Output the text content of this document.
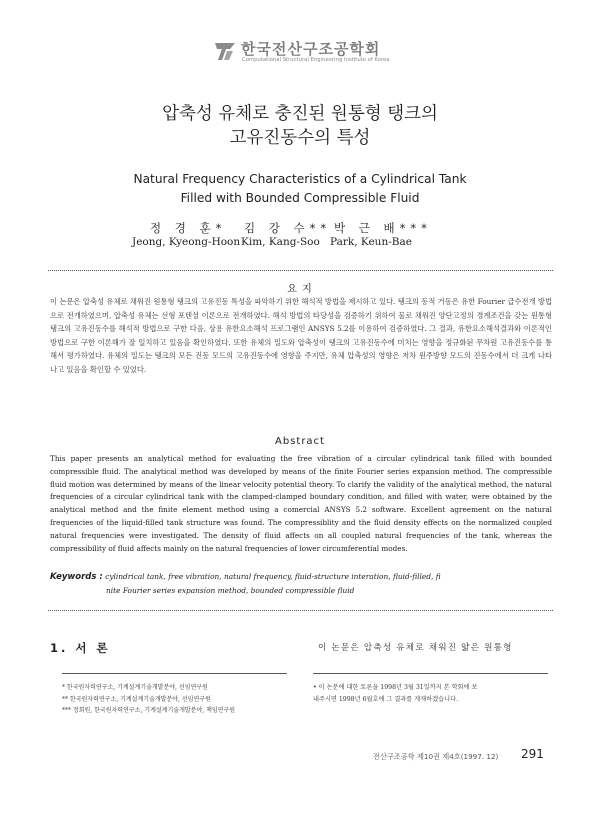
한국전산구조공학회
Computational Structural Engineering Institute of Korea
압축성 유체로 충진된 원통형 탱크의
고유진동수의 특성
Natural Frequency Characteristics of a Cylindrical Tank
Filled with Bounded Compressible Fluid
정 경 훈* 김 강 수** 박 근 배***
Jeong, Kyeong-Hoon Kim, Kang-Soo Park, Keun-Bae
요 지
이 논문은 압축성 유체로 채워진 원통형 탱크의 고유진동 특성을 파악하기 위한 해석적 방법을 제시하고 있다. 탱크의 동적 거동은 유한 Fourier 급수전개 방법으로 전개하였으며, 압축성 유체는 선형 포텐셜 이론으로 전개하였다. 해석 방법의 타당성을 검증하기 위하여 물로 채워진 양단고정의 경계조건을 갖는 원통형 탱크의 고유진동수를 해석적 방법으로 구한 다음, 상용 유한요소해석 프로그램인 ANSYS 5.2를 이용하여 검증하였다. 그 결과, 유한요소해석결과와 이론적인 방법으로 구한 이론해가 잘 일치하고 있음을 확인하였다. 또한 유체의 밀도와 압축성이 탱크의 고유진동수에 미치는 영향을 정규화된 무차원 고유진동수를 통해서 평가하였다. 유체의 밀도는 탱크의 모든 진동 모드의 고유진동수에 영향을 주지만, 유체 압축성의 영향은 저차 원주방향 모드의 진동수에서 더 크게 나타나고 있음을 확인할 수 있었다.
Abstract
This paper presents an analytical method for evaluating the free vibration of a circular cylindrical tank filled with bounded compressible fluid. The analytical method was developed by means of the finite Fourier series expansion method. The compressible fluid motion was determined by means of the linear velocity potential theory. To clarify the validity of the analytical method, the natural frequencies of a circular cylindrical tank with the clamped-clamped boundary condition, and filled with water, were obtained by the analytical method and the finite element method using a comercial ANSYS 5.2 software. Excellent agreement on the natural frequencies of the liquid-filled tank structure was found. The compressiblity and the fluid density effects on the normalized coupled natural frequencies were investigated. The density of fluid affects on all coupled natural frequencies of the tank, whereas the compressibility of fluid affects mainly on the natural frequencies of lower circumferential modes.
Keywords : cylindrical tank, free vibration, natural frequency, fluid-structure interation, fluid-filled, fi
nite Fourier series expansion method, bounded compressible fluid
1. 서 론	이 논문은 압축성 유체로 채워진 얇은 원통형
* 한국원자력연구소, 기계설계기술개발분야, 선임연구원
** 한국원자력연구소, 기계설계기술개발분야, 선임연구원
*** 정회원, 한국원자력연구소, 기계설계기술개발분야, 책임연구원
• 이 논문에 대한 토론을 1998년 3월 31일까지 본 학회에 보
내주시면 1998년 6월호에 그 결과를 게재하겠습니다.
전산구조공학 제10권 제4호(1997. 12) 291
